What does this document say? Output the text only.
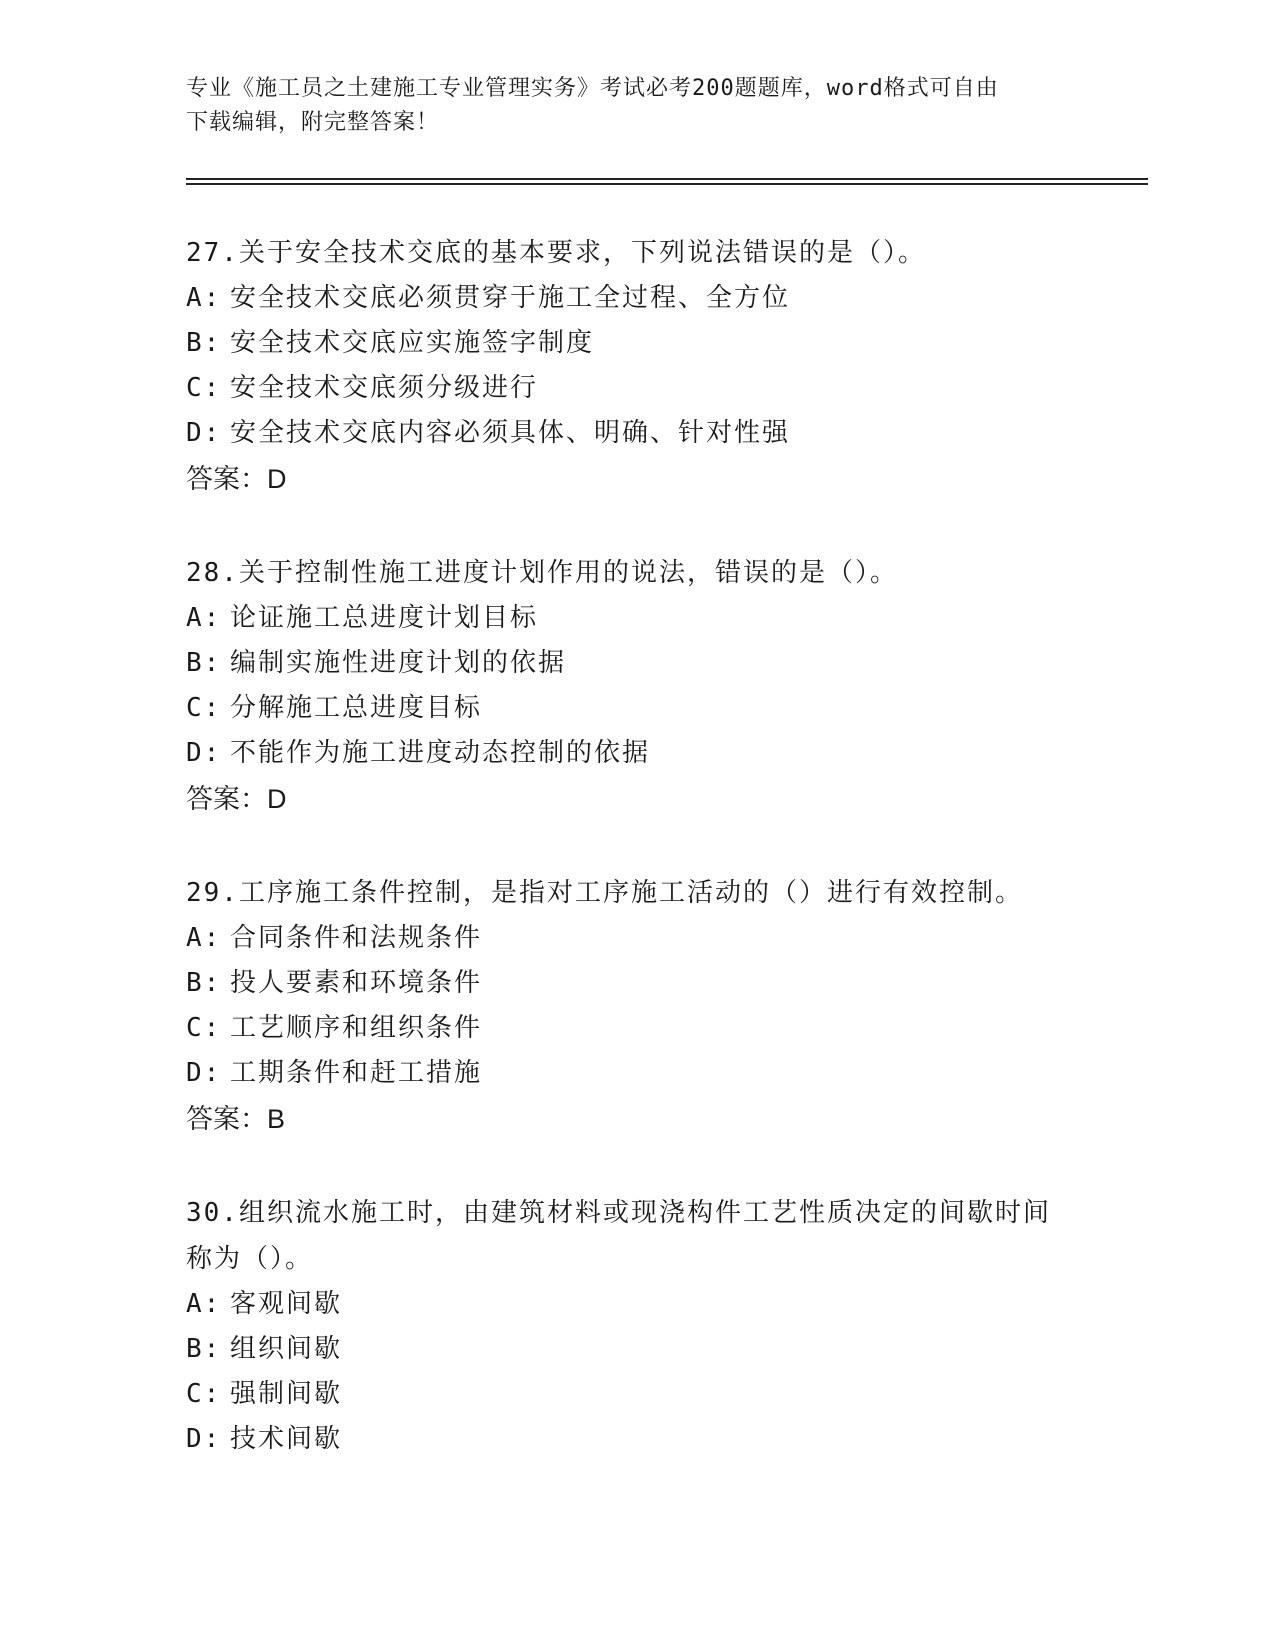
专业《施工员之土建施工专业管理实务》考试必考200题题库，word格式可自由
下载编辑，附完整答案！
27.关于安全技术交底的基本要求，下列说法错误的是（）。
A: 安全技术交底必须贯穿于施工全过程、全方位
B: 安全技术交底应实施签字制度
C: 安全技术交底须分级进行
D: 安全技术交底内容必须具体、明确、针对性强
答案：D
28.关于控制性施工进度计划作用的说法，错误的是（）。
A: 论证施工总进度计划目标
B: 编制实施性进度计划的依据
C: 分解施工总进度目标
D: 不能作为施工进度动态控制的依据
答案：D
29.工序施工条件控制，是指对工序施工活动的（）进行有效控制。
A: 合同条件和法规条件
B: 投人要素和环境条件
C: 工艺顺序和组织条件
D: 工期条件和赶工措施
答案：B
30.组织流水施工时，由建筑材料或现浇构件工艺性质决定的间歇时间
称为（）。
A: 客观间歇
B: 组织间歇
C: 强制间歇
D: 技术间歇
